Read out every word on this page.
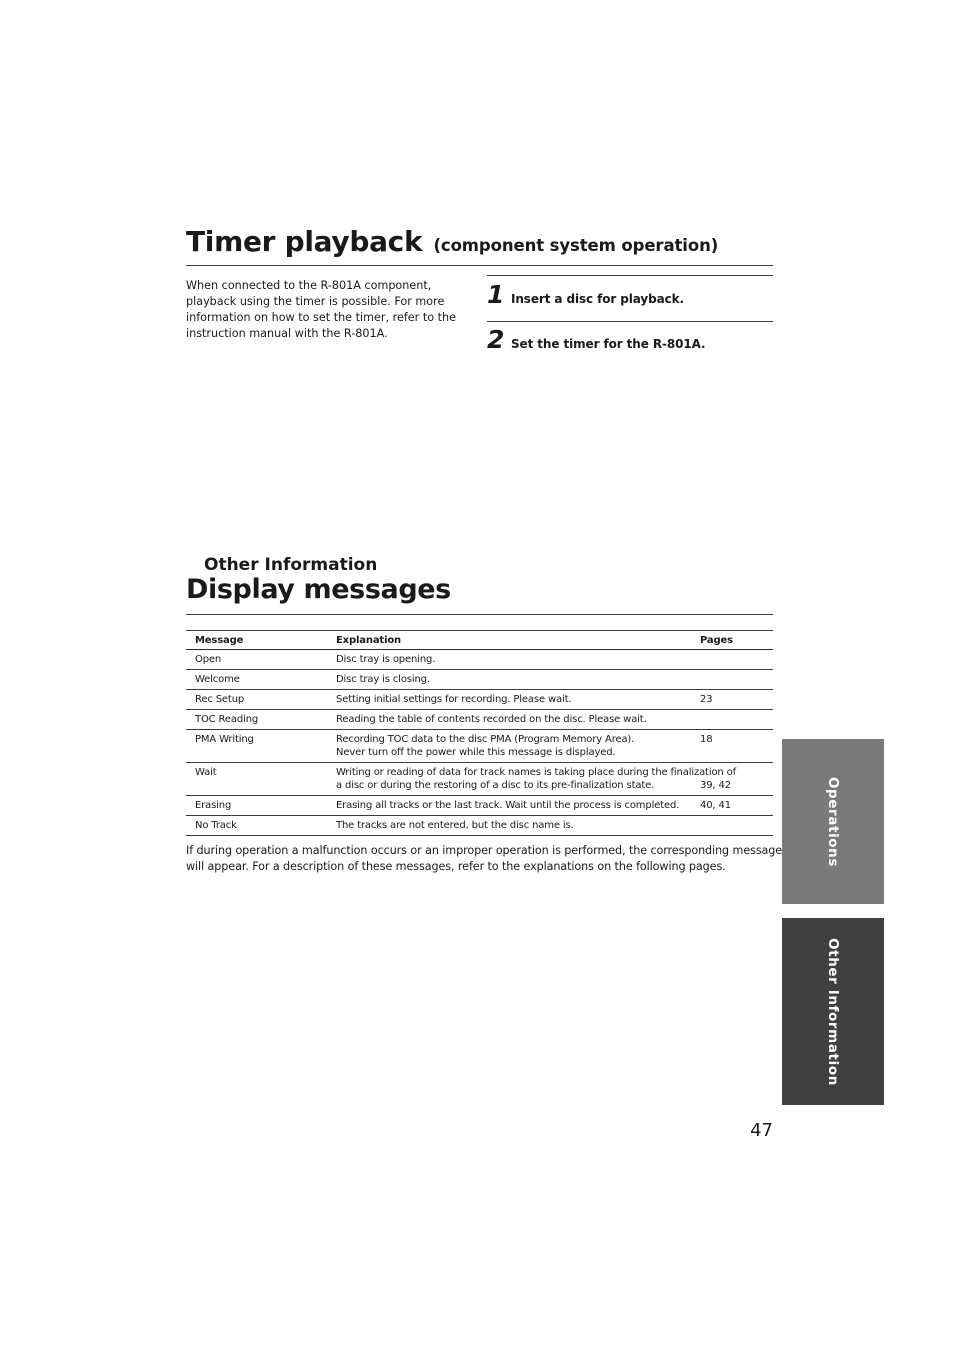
Timer playback (component system operation)

When connected to the R-801A component, playback using the timer is possible. For more information on how to set the timer, refer to the instruction manual with the R-801A.

1 Insert a disc for playback.
2 Set the timer for the R-801A.
Other Information
Display messages
Message	Explanation	Pages
Open	Disc tray is opening.	

Welcome	Disc tray is closing.	

Rec Setup	Setting initial settings for recording. Please wait.	23
TOC Reading	Reading the table of contents recorded on the disc. Please wait.	

PMA Writing	Recording TOC data to the disc PMA (Program Memory Area).
Never turn off the power while this message is displayed.	18
Wait	Writing or reading of data for track names is taking place during the finalization of
a disc or during the restoring of a disc to its pre-finalization state.	39, 42
Erasing	Erasing all tracks or the last track. Wait until the process is completed.	40, 41
No Track	The tracks are not entered, but the disc name is.	

If during operation a malfunction occurs or an improper operation is performed, the corresponding message will appear. For a description of these messages, refer to the explanations on the following pages.	Operations
Other Information
47
